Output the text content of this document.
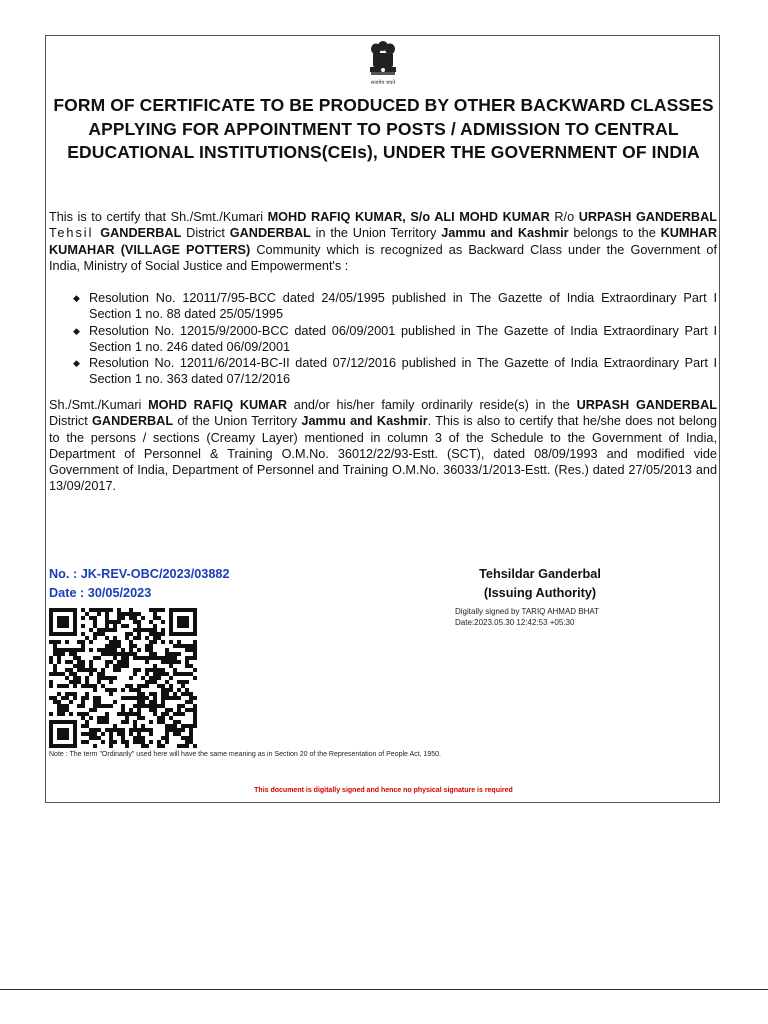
सत्यमेव जयते
FORM OF CERTIFICATE TO BE PRODUCED BY OTHER BACKWARD CLASSES APPLYING FOR APPOINTMENT TO POSTS / ADMISSION TO CENTRAL EDUCATIONAL INSTITUTIONS(CEIs), UNDER THE GOVERNMENT OF INDIA

This is to certify that Sh./Smt./Kumari MOHD RAFIQ KUMAR, S/o ALI MOHD KUMAR R/o URPASH GANDERBAL Tehsil GANDERBAL District GANDERBAL in the Union Territory Jammu and Kashmir belongs to the KUMHAR KUMAHAR (VILLAGE POTTERS) Community which is recognized as Backward Class under the Government of India, Ministry of Social Justice and Empowerment's :

◆ Resolution No. 12011/7/95-BCC dated 24/05/1995 published in The Gazette of India Extraordinary Part I Section 1 no. 88 dated 25/05/1995
◆ Resolution No. 12015/9/2000-BCC dated 06/09/2001 published in The Gazette of India Extraordinary Part I Section 1 no. 246 dated 06/09/2001
◆ Resolution No. 12011/6/2014-BC-II dated 07/12/2016 published in The Gazette of India Extraordinary Part I Section 1 no. 363 dated 07/12/2016

Sh./Smt./Kumari MOHD RAFIQ KUMAR and/or his/her family ordinarily reside(s) in the URPASH GANDERBAL District GANDERBAL of the Union Territory Jammu and Kashmir. This is also to certify that he/she does not belong to the persons / sections (Creamy Layer) mentioned in column 3 of the Schedule to the Government of India, Department of Personnel & Training O.M.No. 36012/22/93-Estt. (SCT), dated 08/09/1993 and modified vide Government of India, Department of Personnel and Training O.M.No. 36033/1/2013-Estt. (Res.) dated 27/05/2013 and 13/09/2017.

No. : JK-REV-OBC/2023/03882
Date : 30/05/2023
Tehsildar Ganderbal
(Issuing Authority)
Digitally signed by TARIQ AHMAD BHAT
Date:2023.05.30 12:42:53 +05:30
Note : The term "Ordinarily" used here will have the same meaning as in Section 20 of the Representation of People Act, 1950.
This document is digitally signed and hence no physical signature is required
